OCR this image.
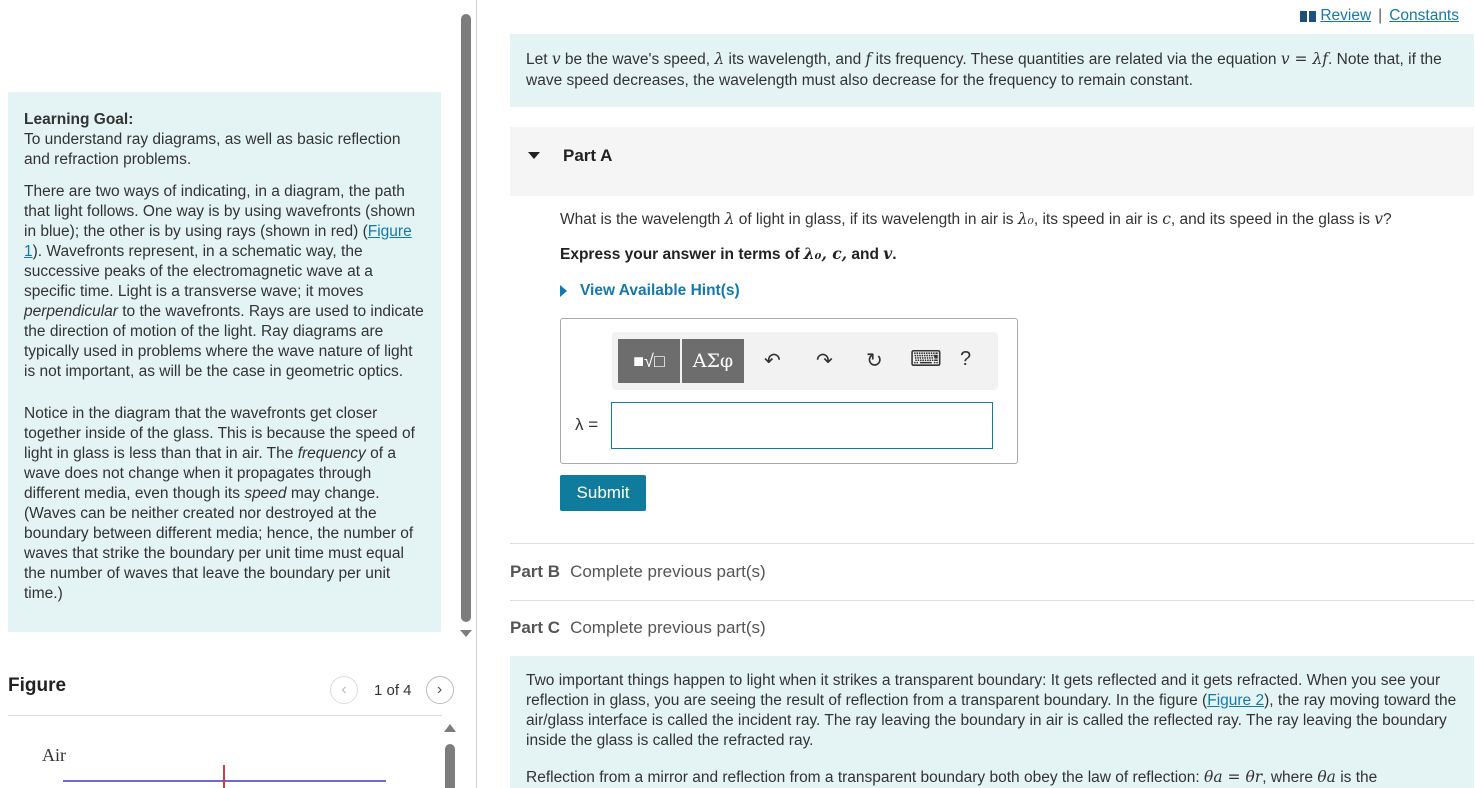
Learning Goal:
To understand ray diagrams, as well as basic reflection and refraction problems.

There are two ways of indicating, in a diagram, the path that light follows. One way is by using wavefronts (shown in blue); the other is by using rays (shown in red) (Figure 1). Wavefronts represent, in a schematic way, the successive peaks of the electromagnetic wave at a specific time. Light is a transverse wave; it moves perpendicular to the wavefronts. Rays are used to indicate the direction of motion of the light. Ray diagrams are typically used in problems where the wave nature of light is not important, as will be the case in geometric optics.

Notice in the diagram that the wavefronts get closer together inside of the glass. This is because the speed of light in glass is less than that in air. The frequency of a wave does not change when it propagates through different media, even though its speed may change. (Waves can be neither created nor destroyed at the boundary between different media; hence, the number of waves that strike the boundary per unit time must equal the number of waves that leave the boundary per unit time.)

Figure	‹ 1 of 4 ›
Air
Review | Constants
Let v be the wave's speed, λ its wavelength, and f its frequency. These quantities are related via the equation v = λf. Note that, if the wave speed decreases, the wavelength must also decrease for the frequency to remain constant.
Part A
What is the wavelength λ of light in glass, if its wavelength in air is λ₀, its speed in air is c, and its speed in the glass is v?
Express your answer in terms of λ₀, c, and v.
View Available Hint(s)
■√□ ΑΣφ ↶ ↷ ↻ ⌨ ?
λ =
Submit
Part B Complete previous part(s)
Part C Complete previous part(s)

Two important things happen to light when it strikes a transparent boundary: It gets reflected and it gets refracted. When you see your reflection in glass, you are seeing the result of reflection from a transparent boundary. In the figure (Figure 2), the ray moving toward the air/glass interface is called the incident ray. The ray leaving the boundary in air is called the reflected ray. The ray leaving the boundary inside the glass is called the refracted ray.

Reflection from a mirror and reflection from a transparent boundary both obey the law of reflection: θa = θr, where θa is the
